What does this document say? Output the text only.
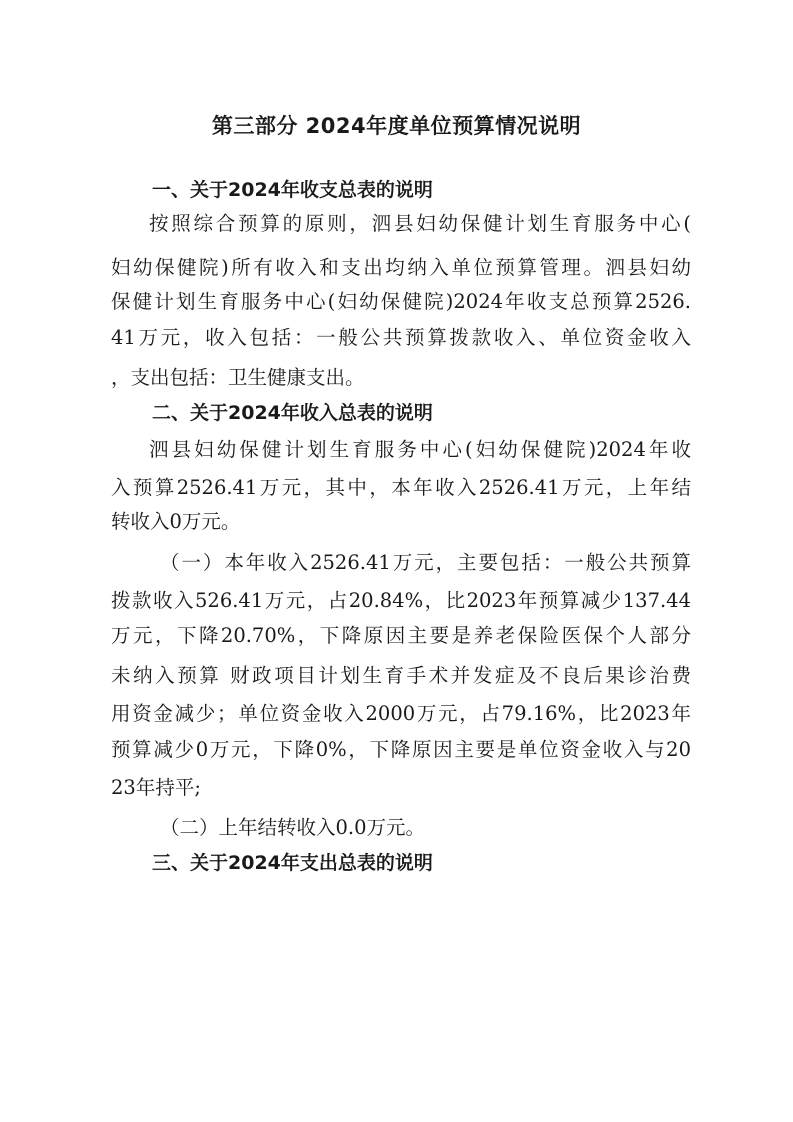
第三部分 2024年度单位预算情况说明
一、关于2024年收支总表的说明
按照综合预算的原则，泗县妇幼保健计划生育服务中心(
妇幼保健院)所有收入和支出均纳入单位预算管理。泗县妇幼
保健计划生育服务中心(妇幼保健院)2024年收支总预算2526.
41万元，收入包括：一般公共预算拨款收入、单位资金收入
，支出包括：卫生健康支出。
二、关于2024年收入总表的说明
泗县妇幼保健计划生育服务中心(妇幼保健院)2024年收
入预算2526.41万元，其中，本年收入2526.41万元，上年结
转收入0万元。
（一）本年收入2526.41万元，主要包括：一般公共预算
拨款收入526.41万元，占20.84%，比2023年预算减少137.44
万元，下降20.70%，下降原因主要是养老保险医保个人部分
未纳入预算 财政项目计划生育手术并发症及不良后果诊治费
用资金减少；单位资金收入2000万元，占79.16%，比2023年
预算减少0万元，下降0%，下降原因主要是单位资金收入与20
23年持平;
（二）上年结转收入0.0万元。
三、关于2024年支出总表的说明
